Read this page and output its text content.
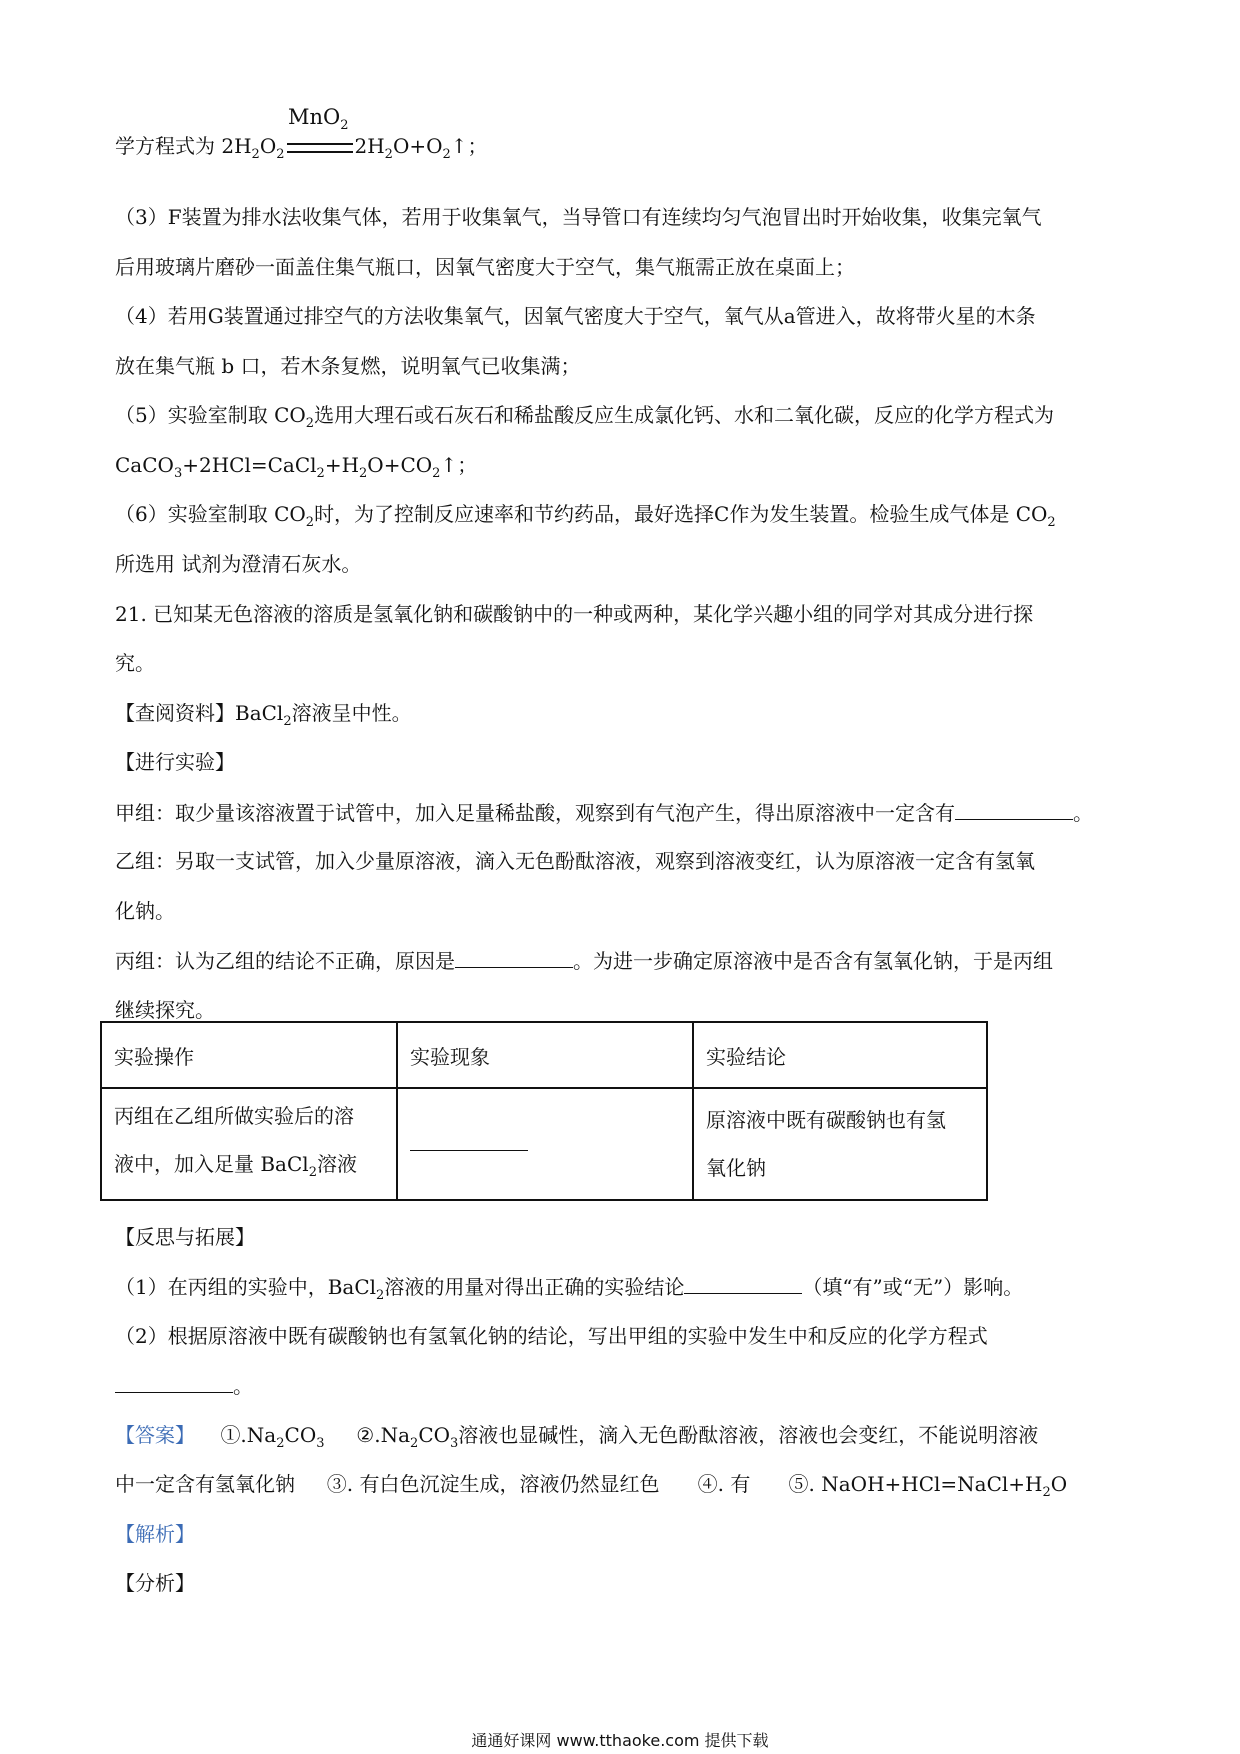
MnO$_2$
学方程式为 $2H_2O_2$	$2H_2O+O_2↑$；
（3）F装置为排水法收集气体，若用于收集氧气，当导管口有连续均匀气泡冒出时开始收集，收集完氧气
后用玻璃片磨砂一面盖住集气瓶口，因氧气密度大于空气，集气瓶需正放在桌面上；
（4）若用G装置通过排空气的方法收集氧气，因氧气密度大于空气，氧气从a管进入，故将带火星的木条
放在集气瓶 b 口，若木条复燃，说明氧气已收集满；
（5）实验室制取 $CO_2$选用大理石或石灰石和稀盐酸反应生成氯化钙、水和二氧化碳，反应的化学方程式为
$CaCO_3+2HCl=CaCl_2+H_2O+CO_2↑$；
（6）实验室制取 $CO_2$时，为了控制反应速率和节约药品，最好选择C作为发生装置。检验生成气体是 $CO_2$
所选用 试剂为澄清石灰水。
21. 已知某无色溶液的溶质是氢氧化钠和碳酸钠中的一种或两种，某化学兴趣小组的同学对其成分进行探
究。
【查阅资料】BaCl$_2$溶液呈中性。
【进行实验】
甲组：取少量该溶液置于试管中，加入足量稀盐酸，观察到有气泡产生，得出原溶液中一定含有	。
乙组：另取一支试管，加入少量原溶液，滴入无色酚酞溶液，观察到溶液变红，认为原溶液一定含有氢氧
化钠。
丙组：认为乙组的结论不正确，原因是	。为进一步确定原溶液中是否含有氢氧化钠，于是丙组
继续探究。
实验操作	实验现象	实验结论
丙组在乙组所做实验后的溶
液中，加入足量 BaCl$_2$溶液		原溶液中既有碳酸钠也有氢
氧化钠
【反思与拓展】
（1）在丙组的实验中，BaCl$_2$溶液的用量对得出正确的实验结论	（填“有”或“无”）影响。
（2）根据原溶液中既有碳酸钠也有氢氧化钠的结论，写出甲组的实验中发生中和反应的化学方程式
。
【答案】 $①.Na_2CO_3$ $②.Na_2CO_3$溶液也显碱性，滴入无色酚酞溶液，溶液也会变红，不能说明溶液
中一定含有氢氧化钠 ③. 有白色沉淀生成，溶液仍然显红色 ④. 有 ⑤. $NaOH+HCl=NaCl+H_2O$
【解析】
【分析】
通通好课网 www.tthaoke.com 提供下载
